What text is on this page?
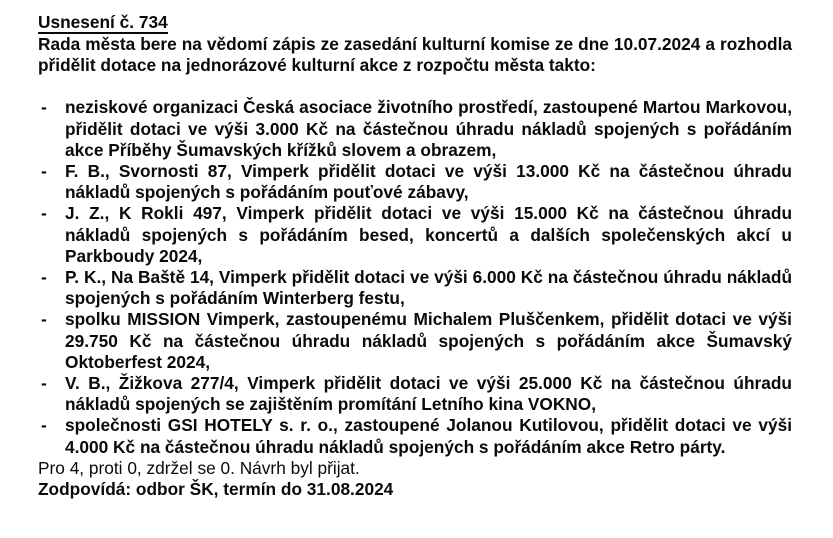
Usnesení č. 734

Rada města bere na vědomí zápis ze zasedání kulturní komise ze dne 10.07.2024 a rozhodla přidělit dotace na jednorázové kulturní akce z rozpočtu města takto:

-	neziskové organizaci Česká asociace životního prostředí, zastoupené Martou Markovou, přidělit dotaci ve výši 3.000 Kč na částečnou úhradu nákladů spojených s pořádáním akce Příběhy Šumavských křížků slovem a obrazem,
-	F. B., Svornosti 87, Vimperk přidělit dotaci ve výši 13.000 Kč na částečnou úhradu nákladů spojených s pořádáním pouťové zábavy,
-	J. Z., K Rokli 497, Vimperk přidělit dotaci ve výši 15.000 Kč na částečnou úhradu nákladů spojených s pořádáním besed, koncertů a dalších společenských akcí u Parkboudy 2024,
-	P. K., Na Baště 14, Vimperk přidělit dotaci ve výši 6.000 Kč na částečnou úhradu nákladů spojených s pořádáním Winterberg festu,
-	spolku MISSION Vimperk, zastoupenému Michalem Pluščenkem, přidělit dotaci ve výši 29.750 Kč na částečnou úhradu nákladů spojených s pořádáním akce Šumavský Oktoberfest 2024,
-	V. B., Žižkova 277/4, Vimperk přidělit dotaci ve výši 25.000 Kč na částečnou úhradu nákladů spojených se zajištěním promítání Letního kina VOKNO,
-	společnosti GSI HOTELY s. r. o., zastoupené Jolanou Kutilovou, přidělit dotaci ve výši 4.000 Kč na částečnou úhradu nákladů spojených s pořádáním akce Retro párty.

Pro 4, proti 0, zdržel se 0. Návrh byl přijat.

Zodpovídá: odbor ŠK, termín do 31.08.2024
